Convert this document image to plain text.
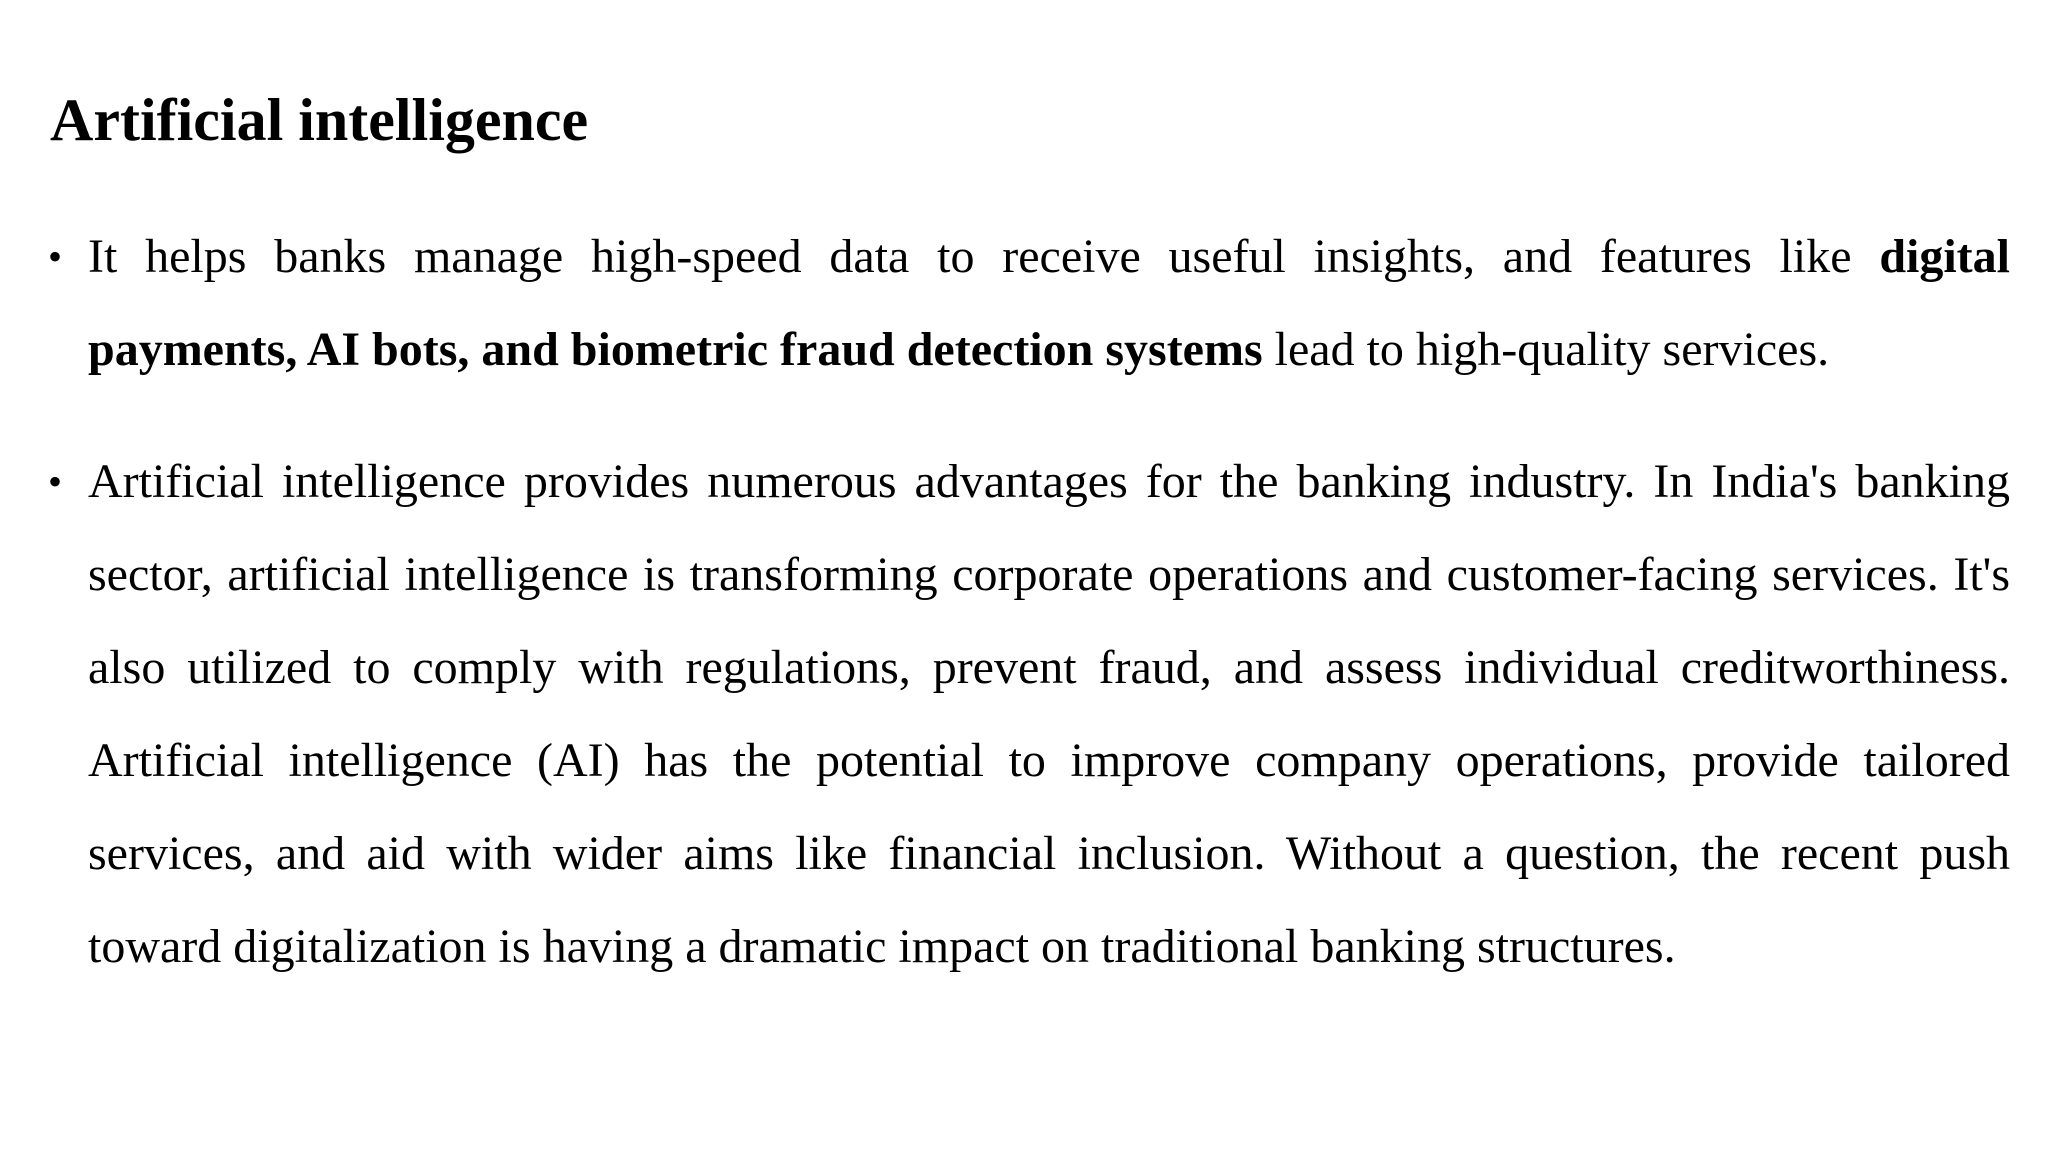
Artificial intelligence
• It helps banks manage high-speed data to receive useful insights, and features like digital payments, AI bots, and biometric fraud detection systems lead to high-quality services.
• Artificial intelligence provides numerous advantages for the banking industry. In India's banking sector, artificial intelligence is transforming corporate operations and customer-facing services. It's also utilized to comply with regulations, prevent fraud, and assess individual creditworthiness. Artificial intelligence (AI) has the potential to improve company operations, provide tailored services, and aid with wider aims like financial inclusion. Without a question, the recent push toward digitalization is having a dramatic impact on traditional banking structures.
